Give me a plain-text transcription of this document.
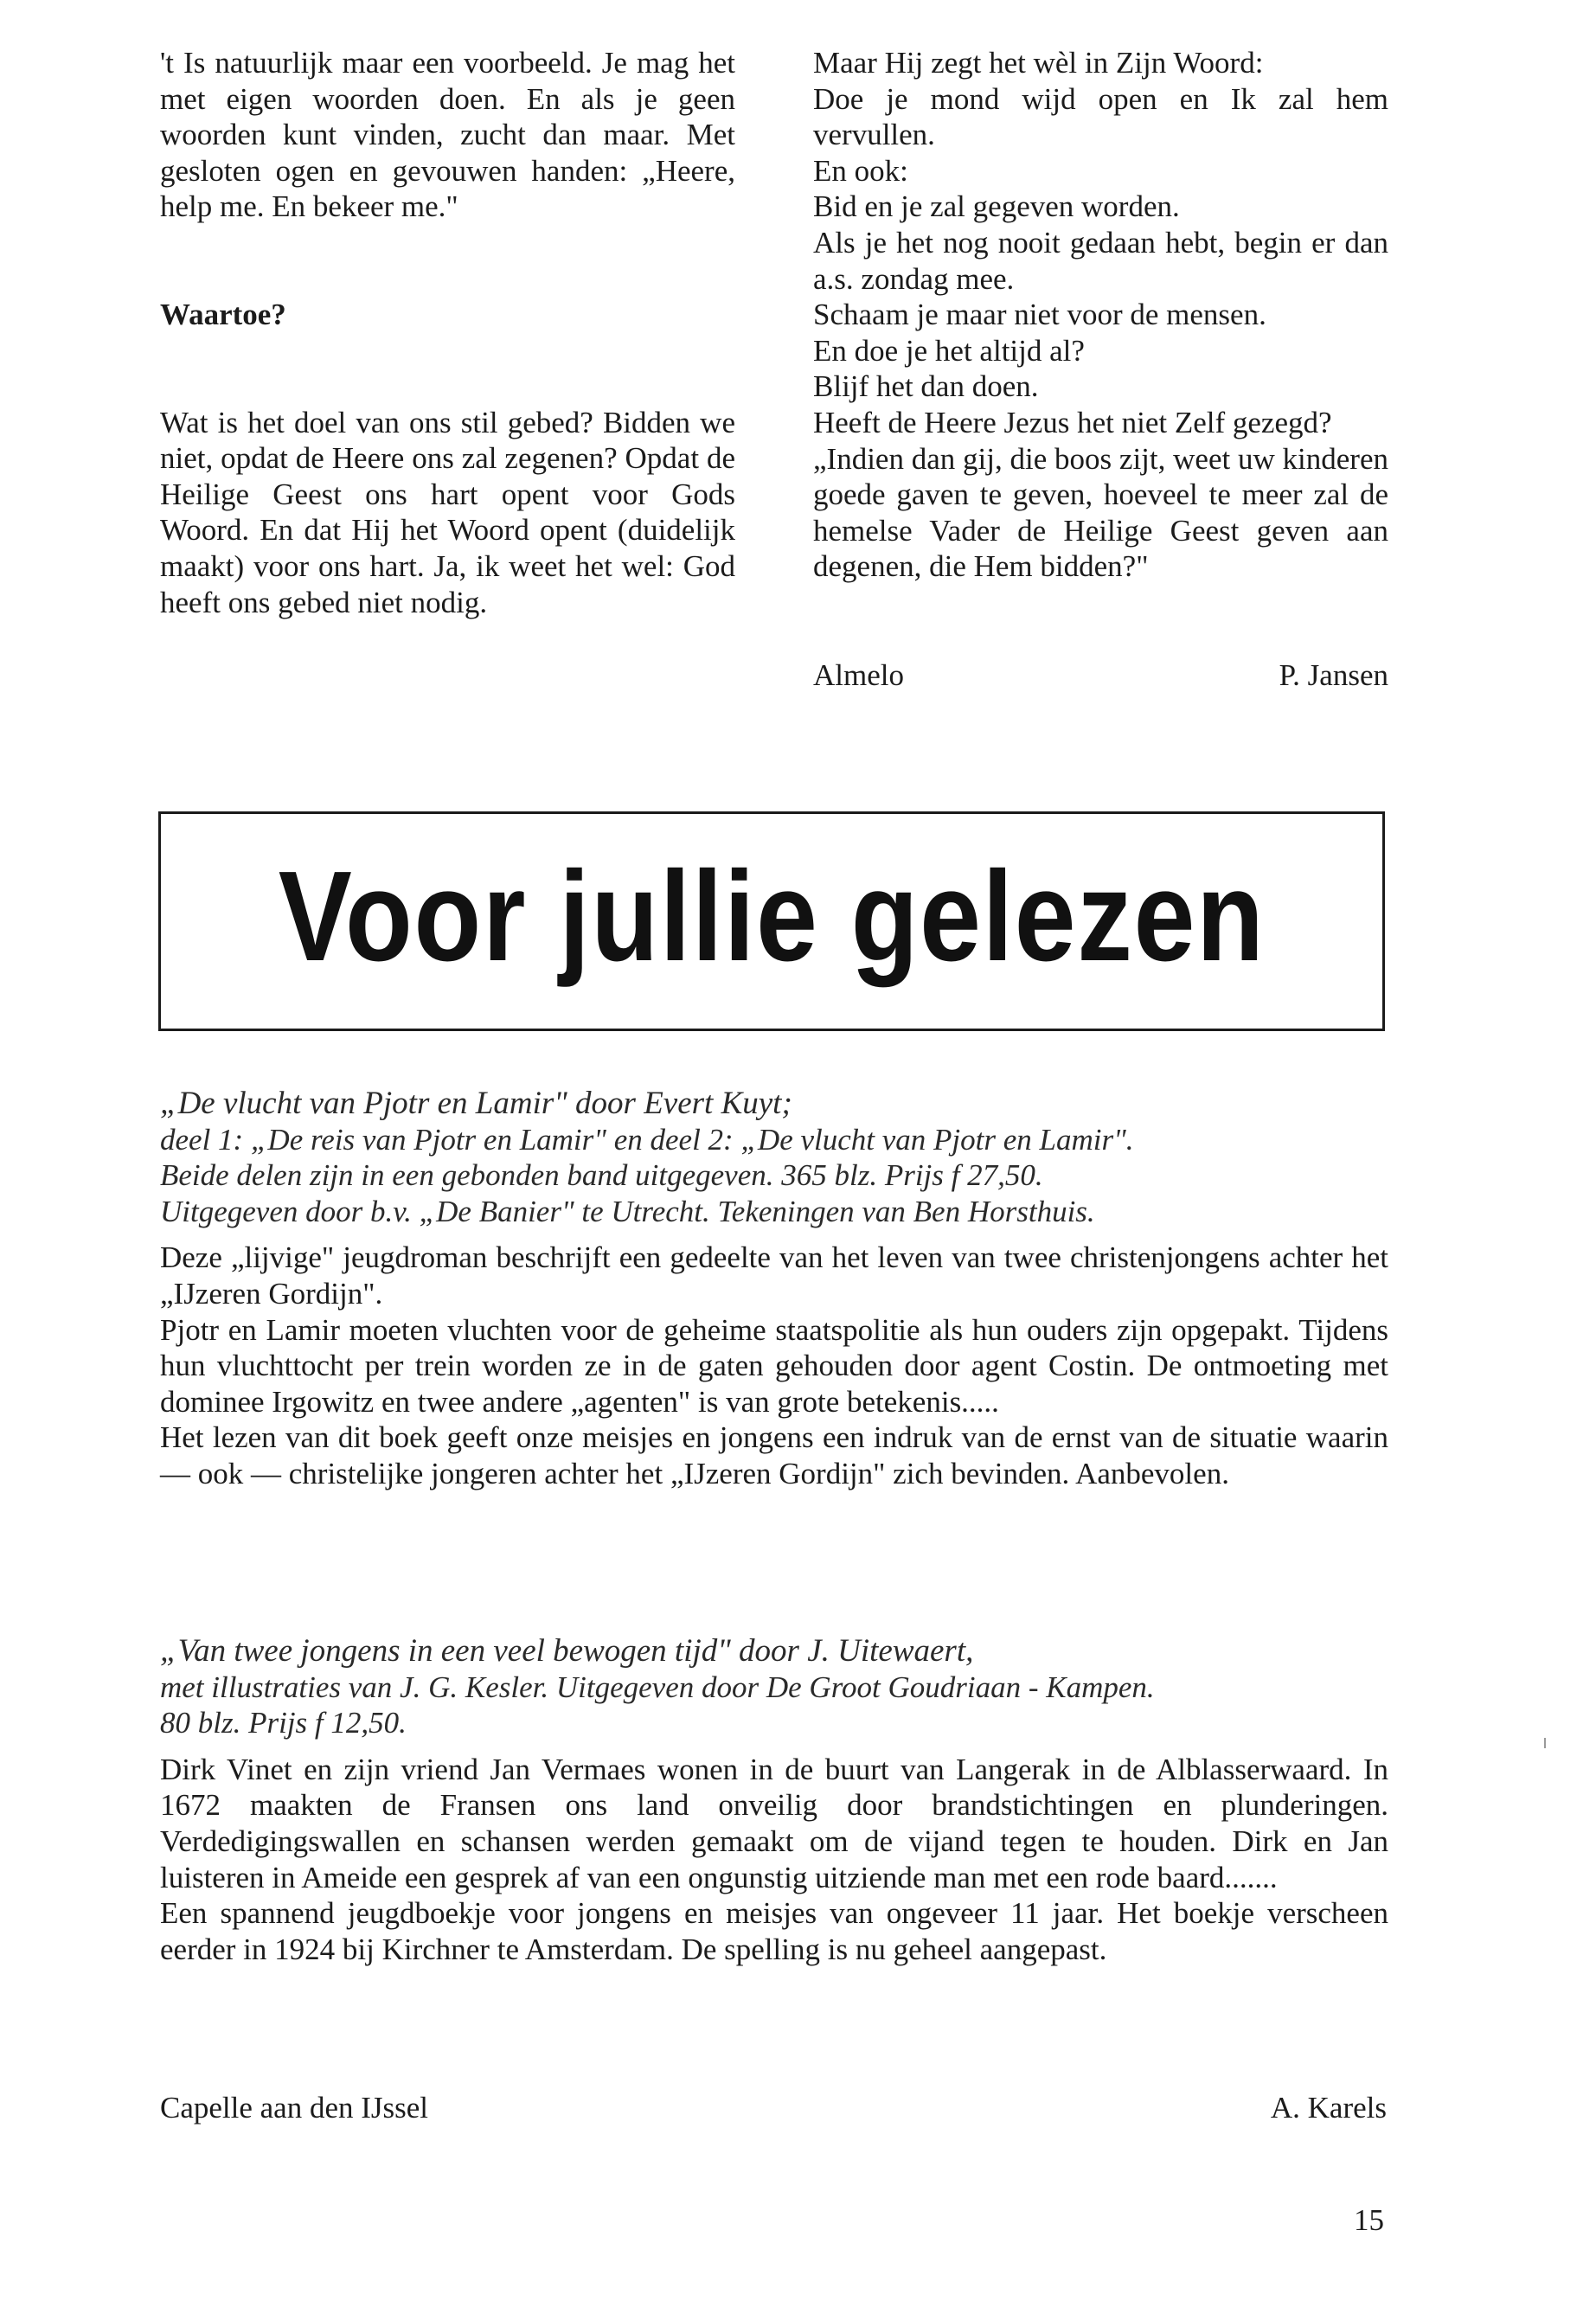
't Is natuurlijk maar een voorbeeld. Je mag het met eigen woorden doen. En als je geen woorden kunt vinden, zucht dan maar. Met gesloten ogen en gevouwen handen: „Heere, help me. En bekeer me."

Waartoe?

Wat is het doel van ons stil gebed? Bidden we niet, opdat de Heere ons zal zegenen? Opdat de Heilige Geest ons hart opent voor Gods Woord. En dat Hij het Woord opent (duidelijk maakt) voor ons hart. Ja, ik weet het wel: God heeft ons gebed niet nodig.

Maar Hij zegt het wèl in Zijn Woord:

Doe je mond wijd open en Ik zal hem vervullen.

En ook:

Bid en je zal gegeven worden.

Als je het nog nooit gedaan hebt, begin er dan a.s. zondag mee.

Schaam je maar niet voor de mensen.

En doe je het altijd al?

Blijf het dan doen.

Heeft de Heere Jezus het niet Zelf gezegd?

„Indien dan gij, die boos zijt, weet uw kinderen goede gaven te geven, hoeveel te meer zal de hemelse Vader de Heilige Geest geven aan degenen, die Hem bidden?"

Almelo	P. Jansen
Voor jullie gelezen

„De vlucht van Pjotr en Lamir" door Evert Kuyt;

deel 1: „De reis van Pjotr en Lamir" en deel 2: „De vlucht van Pjotr en Lamir".

Beide delen zijn in een gebonden band uitgegeven. 365 blz. Prijs f 27,50.

Uitgegeven door b.v. „De Banier" te Utrecht. Tekeningen van Ben Horsthuis.

Deze „lijvige" jeugdroman beschrijft een gedeelte van het leven van twee christenjongens achter het „IJzeren Gordijn".

Pjotr en Lamir moeten vluchten voor de geheime staatspolitie als hun ouders zijn opgepakt. Tijdens hun vluchttocht per trein worden ze in de gaten gehouden door agent Costin. De ontmoeting met dominee Irgowitz en twee andere „agenten" is van grote betekenis.....

Het lezen van dit boek geeft onze meisjes en jongens een indruk van de ernst van de situatie waarin — ook — christelijke jongeren achter het „IJzeren Gordijn" zich bevinden. Aanbevolen.

„Van twee jongens in een veel bewogen tijd" door J. Uitewaert,

met illustraties van J. G. Kesler. Uitgegeven door De Groot Goudriaan - Kampen.

80 blz. Prijs f 12,50.

Dirk Vinet en zijn vriend Jan Vermaes wonen in de buurt van Langerak in de Alblasserwaard. In 1672 maakten de Fransen ons land onveilig door brandstichtingen en plunderingen. Verdedigingswallen en schansen werden gemaakt om de vijand tegen te houden. Dirk en Jan luisteren in Ameide een gesprek af van een ongunstig uitziende man met een rode baard.......

Een spannend jeugdboekje voor jongens en meisjes van ongeveer 11 jaar. Het boekje verscheen eerder in 1924 bij Kirchner te Amsterdam. De spelling is nu geheel aangepast.

Capelle aan den IJssel	A. Karels
15
